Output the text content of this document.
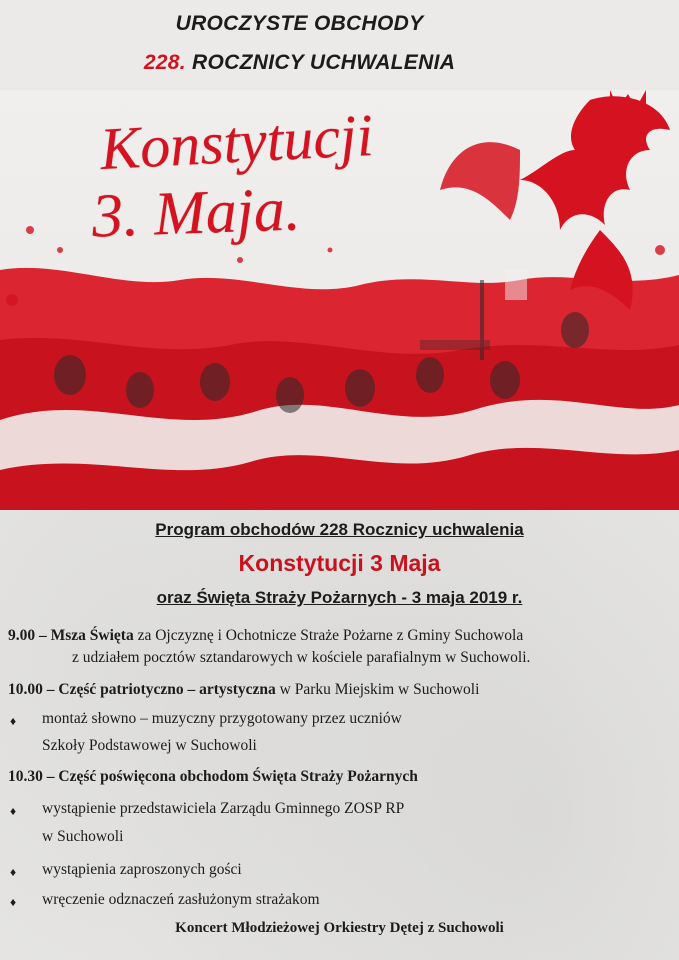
UROCZYSTE OBCHODY
228. ROCZNICY UCHWALENIA
Konstytucji
3. Maja.
Program obchodów 228 Rocznicy uchwalenia
Konstytucji 3 Maja
oraz Święta Straży Pożarnych - 3 maja 2019 r.
9.00 – Msza Święta za Ojczyznę i Ochotnicze Straże Pożarne z Gminy Suchowola
z udziałem pocztów sztandarowych w kościele parafialnym w Suchowoli.
10.00 – Część patriotyczno – artystyczna w Parku Miejskim w Suchowoli
♦ montaż słowno – muzyczny przygotowany przez uczniów
Szkoły Podstawowej w Suchowoli
10.30 – Część poświęcona obchodom Święta Straży Pożarnych
♦ wystąpienie przedstawiciela Zarządu Gminnego ZOSP RP
w Suchowoli
♦ wystąpienia zaproszonych gości
♦ wręczenie odznaczeń zasłużonym strażakom
Koncert Młodzieżowej Orkiestry Dętej z Suchowoli
